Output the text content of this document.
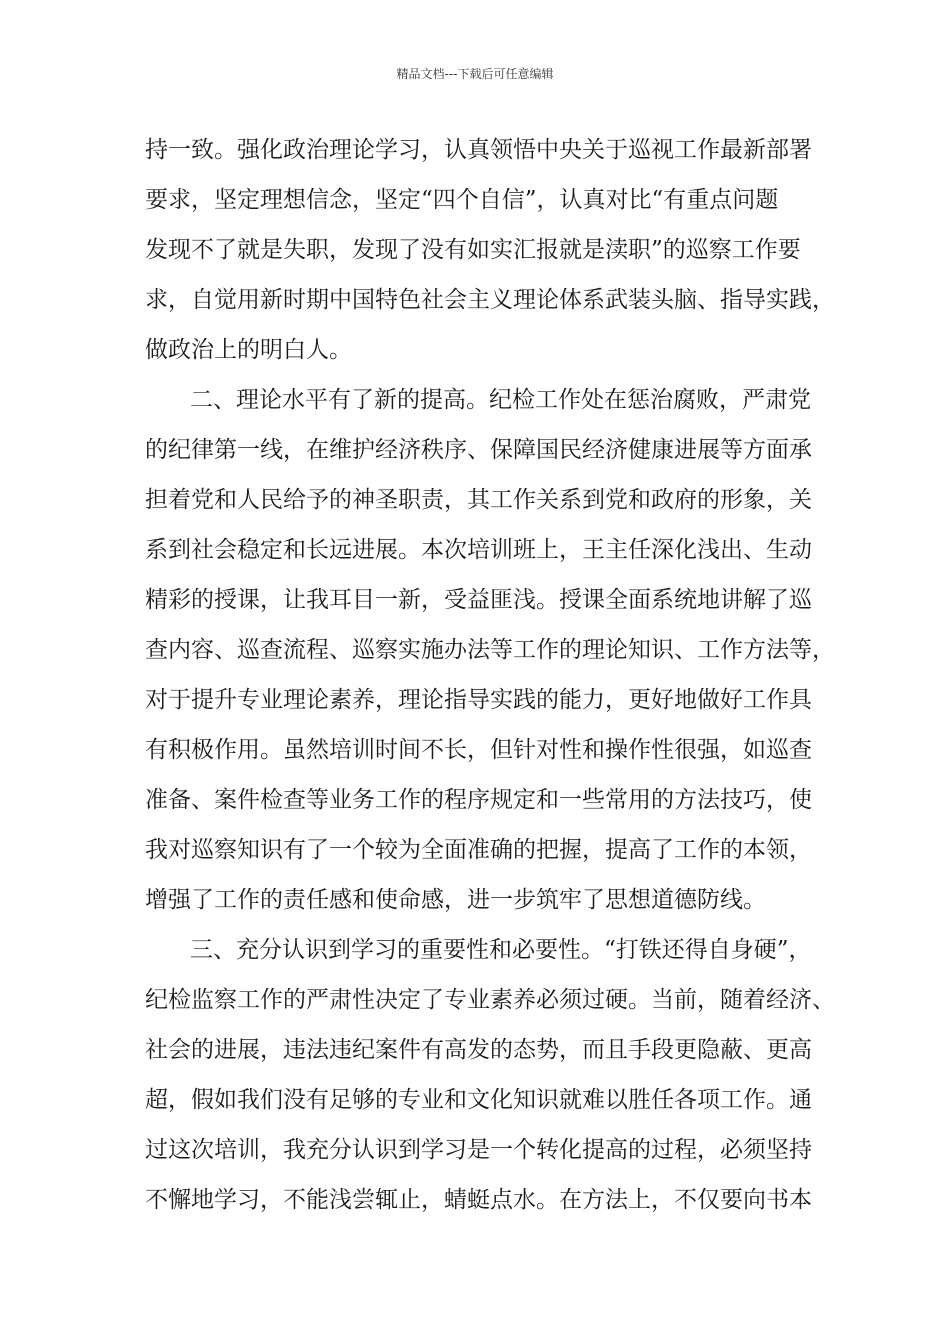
精品文档---下载后可任意编辑
持一致。强化政治理论学习，认真领悟中央关于巡视工作最新部署
要求，坚定理想信念，坚定“四个自信”，认真对比“有重点问题
发现不了就是失职，发现了没有如实汇报就是渎职”的巡察工作要
求，自觉用新时期中国特色社会主义理论体系武装头脑、指导实践，
做政治上的明白人。
二、理论水平有了新的提高。纪检工作处在惩治腐败，严肃党
的纪律第一线，在维护经济秩序、保障国民经济健康进展等方面承
担着党和人民给予的神圣职责，其工作关系到党和政府的形象，关
系到社会稳定和长远进展。本次培训班上，王主任深化浅出、生动
精彩的授课，让我耳目一新，受益匪浅。授课全面系统地讲解了巡
查内容、巡查流程、巡察实施办法等工作的理论知识、工作方法等，
对于提升专业理论素养，理论指导实践的能力，更好地做好工作具
有积极作用。虽然培训时间不长，但针对性和操作性很强，如巡查
准备、案件检查等业务工作的程序规定和一些常用的方法技巧，使
我对巡察知识有了一个较为全面准确的把握，提高了工作的本领，
增强了工作的责任感和使命感，进一步筑牢了思想道德防线。
三、充分认识到学习的重要性和必要性。“打铁还得自身硬”，
纪检监察工作的严肃性决定了专业素养必须过硬。当前，随着经济、
社会的进展，违法违纪案件有高发的态势，而且手段更隐蔽、更高
超，假如我们没有足够的专业和文化知识就难以胜任各项工作。通
过这次培训，我充分认识到学习是一个转化提高的过程，必须坚持
不懈地学习，不能浅尝辄止，蜻蜓点水。在方法上，不仅要向书本
